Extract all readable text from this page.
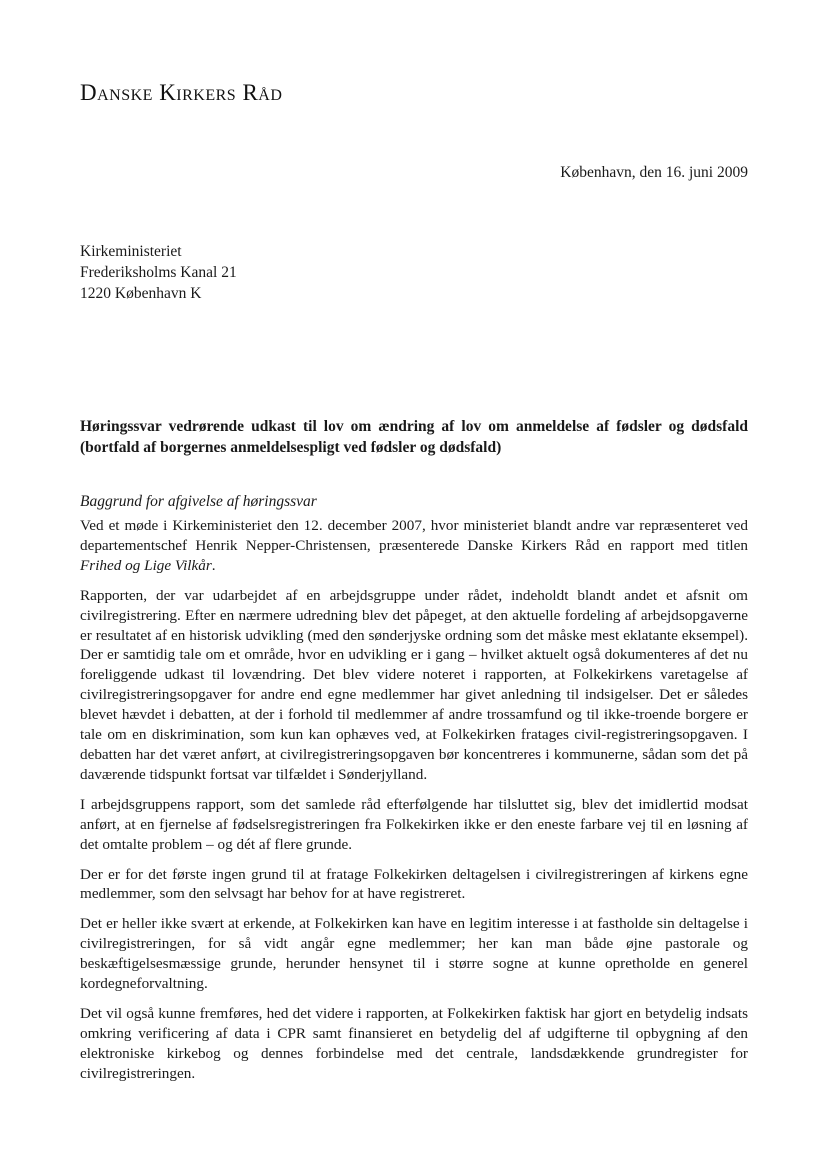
Danske Kirkers Råd

København, den 16. juni 2009

Kirkeministeriet
Frederiksholms Kanal 21
1220 København K

Høringssvar vedrørende udkast til lov om ændring af lov om anmeldelse af fødsler og dødsfald (bortfald af borgernes anmeldelsespligt ved fødsler og dødsfald)

Baggrund for afgivelse af høringssvar

Ved et møde i Kirkeministeriet den 12. december 2007, hvor ministeriet blandt andre var repræsenteret ved departementschef Henrik Nepper-Christensen, præsenterede Danske Kirkers Råd en rapport med titlen Frihed og Lige Vilkår.

Rapporten, der var udarbejdet af en arbejdsgruppe under rådet, indeholdt blandt andet et afsnit om civilregistrering. Efter en nærmere udredning blev det påpeget, at den aktuelle fordeling af arbejdsopgaverne er resultatet af en historisk udvikling (med den sønderjyske ordning som det måske mest eklatante eksempel). Der er samtidig tale om et område, hvor en udvikling er i gang – hvilket aktuelt også dokumenteres af det nu foreliggende udkast til lovændring. Det blev videre noteret i rapporten, at Folkekirkens varetagelse af civilregistreringsopgaver for andre end egne medlemmer har givet anledning til indsigelser. Det er således blevet hævdet i debatten, at der i forhold til medlemmer af andre trossamfund og til ikke-troende borgere er tale om en diskrimination, som kun kan ophæves ved, at Folkekirken fratages civil-registreringsopgaven. I debatten har det været anført, at civilregistreringsopgaven bør koncentreres i kommunerne, sådan som det på daværende tidspunkt fortsat var tilfældet i Sønderjylland.

I arbejdsgruppens rapport, som det samlede råd efterfølgende har tilsluttet sig, blev det imidlertid modsat anført, at en fjernelse af fødselsregistreringen fra Folkekirken ikke er den eneste farbare vej til en løsning af det omtalte problem – og dét af flere grunde.

Der er for det første ingen grund til at fratage Folkekirken deltagelsen i civilregistreringen af kirkens egne medlemmer, som den selvsagt har behov for at have registreret.

Det er heller ikke svært at erkende, at Folkekirken kan have en legitim interesse i at fastholde sin deltagelse i civilregistreringen, for så vidt angår egne medlemmer; her kan man både øjne pastorale og beskæftigelsesmæssige grunde, herunder hensynet til i større sogne at kunne opretholde en generel kordegneforvaltning.

Det vil også kunne fremføres, hed det videre i rapporten, at Folkekirken faktisk har gjort en betydelig indsats omkring verificering af data i CPR samt finansieret en betydelig del af udgifterne til opbygning af den elektroniske kirkebog og dennes forbindelse med det centrale, landsdækkende grundregister for civilregistreringen.
